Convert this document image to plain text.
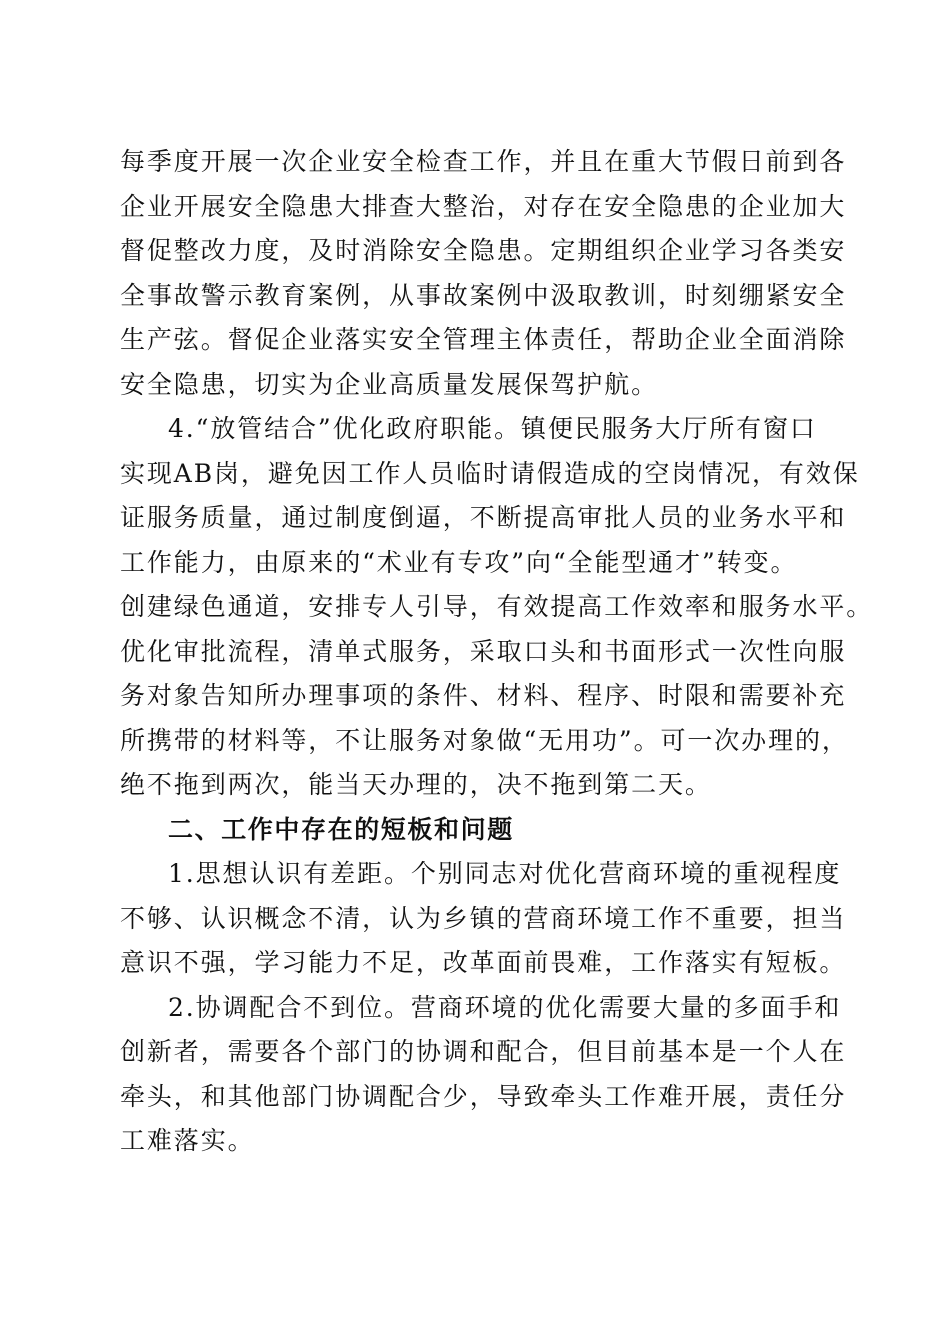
每季度开展一次企业安全检查工作，并且在重大节假日前到各
企业开展安全隐患大排查大整治，对存在安全隐患的企业加大
督促整改力度，及时消除安全隐患。定期组织企业学习各类安
全事故警示教育案例，从事故案例中汲取教训，时刻绷紧安全
生产弦。督促企业落实安全管理主体责任，帮助企业全面消除
安全隐患，切实为企业高质量发展保驾护航。
4.“放管结合”优化政府职能。镇便民服务大厅所有窗口
实现AB岗，避免因工作人员临时请假造成的空岗情况，有效保
证服务质量，通过制度倒逼，不断提高审批人员的业务水平和
工作能力，由原来的“术业有专攻”向“全能型通才”转变。
创建绿色通道，安排专人引导，有效提高工作效率和服务水平。
优化审批流程，清单式服务，采取口头和书面形式一次性向服
务对象告知所办理事项的条件、材料、程序、时限和需要补充
所携带的材料等，不让服务对象做“无用功”。可一次办理的，
绝不拖到两次，能当天办理的，决不拖到第二天。
二、工作中存在的短板和问题
1.思想认识有差距。个别同志对优化营商环境的重视程度
不够、认识概念不清，认为乡镇的营商环境工作不重要，担当
意识不强，学习能力不足，改革面前畏难，工作落实有短板。
2.协调配合不到位。营商环境的优化需要大量的多面手和
创新者，需要各个部门的协调和配合，但目前基本是一个人在
牵头，和其他部门协调配合少，导致牵头工作难开展，责任分
工难落实。
